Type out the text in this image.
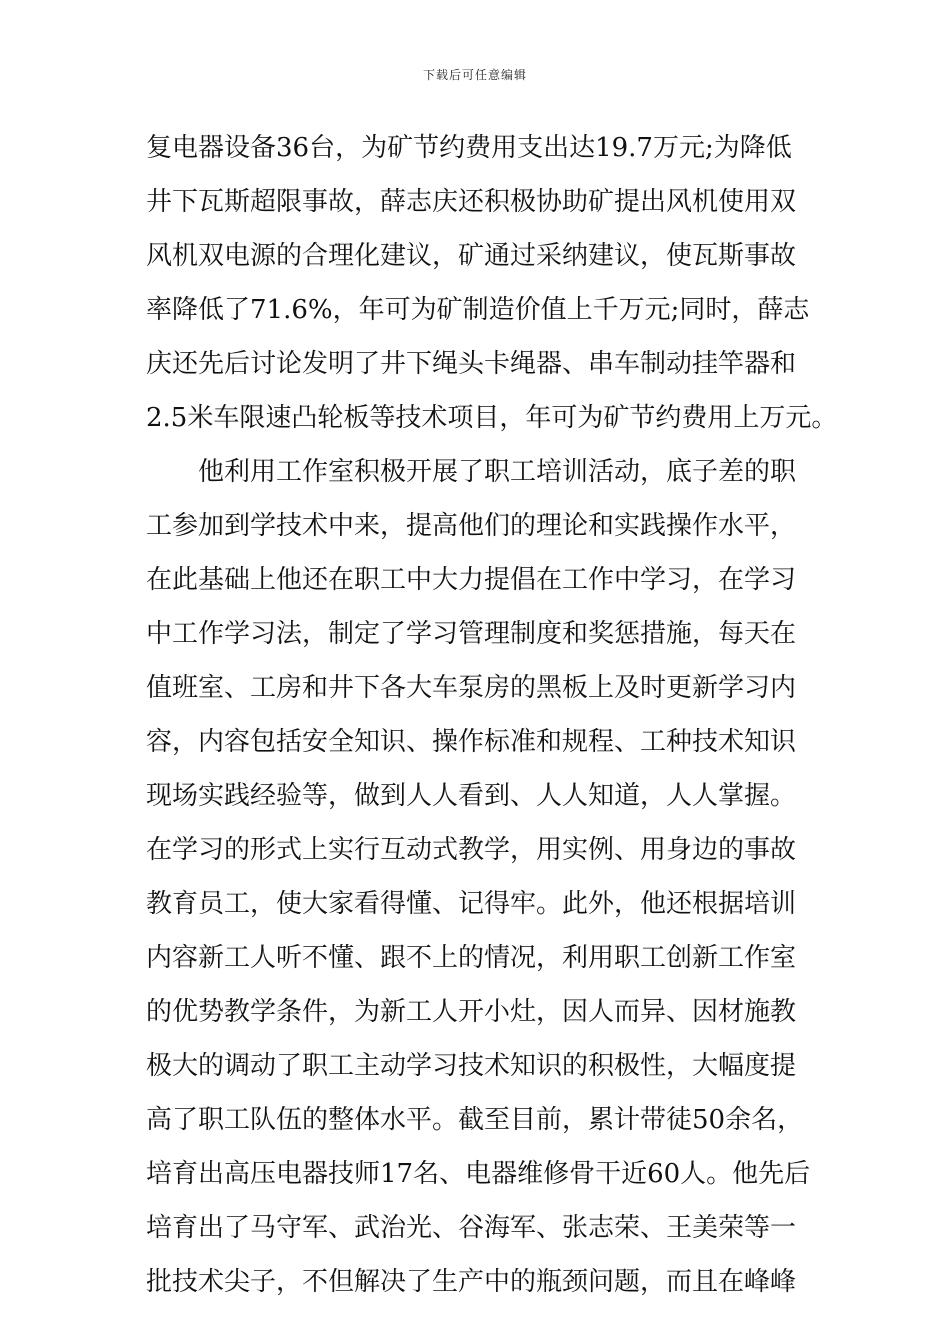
下载后可任意编辑
复电器设备36台，为矿节约费用支出达19.7万元;为降低
井下瓦斯超限事故，薛志庆还积极协助矿提出风机使用双
风机双电源的合理化建议，矿通过采纳建议，使瓦斯事故
率降低了71.6%，年可为矿制造价值上千万元;同时，薛志
庆还先后讨论发明了井下绳头卡绳器、串车制动挂竿器和
2.5米车限速凸轮板等技术项目，年可为矿节约费用上万元。
　　他利用工作室积极开展了职工培训活动，底子差的职
工参加到学技术中来，提高他们的理论和实践操作水平，
在此基础上他还在职工中大力提倡在工作中学习，在学习
中工作学习法，制定了学习管理制度和奖惩措施，每天在
值班室、工房和井下各大车泵房的黑板上及时更新学习内
容，内容包括安全知识、操作标准和规程、工种技术知识
现场实践经验等，做到人人看到、人人知道，人人掌握。
在学习的形式上实行互动式教学，用实例、用身边的事故
教育员工，使大家看得懂、记得牢。此外，他还根据培训
内容新工人听不懂、跟不上的情况，利用职工创新工作室
的优势教学条件，为新工人开小灶，因人而异、因材施教
极大的调动了职工主动学习技术知识的积极性，大幅度提
高了职工队伍的整体水平。截至目前，累计带徒50余名，
培育出高压电器技师17名、电器维修骨干近60人。他先后
培育出了马守军、武治光、谷海军、张志荣、王美荣等一
批技术尖子，不但解决了生产中的瓶颈问题，而且在峰峰
